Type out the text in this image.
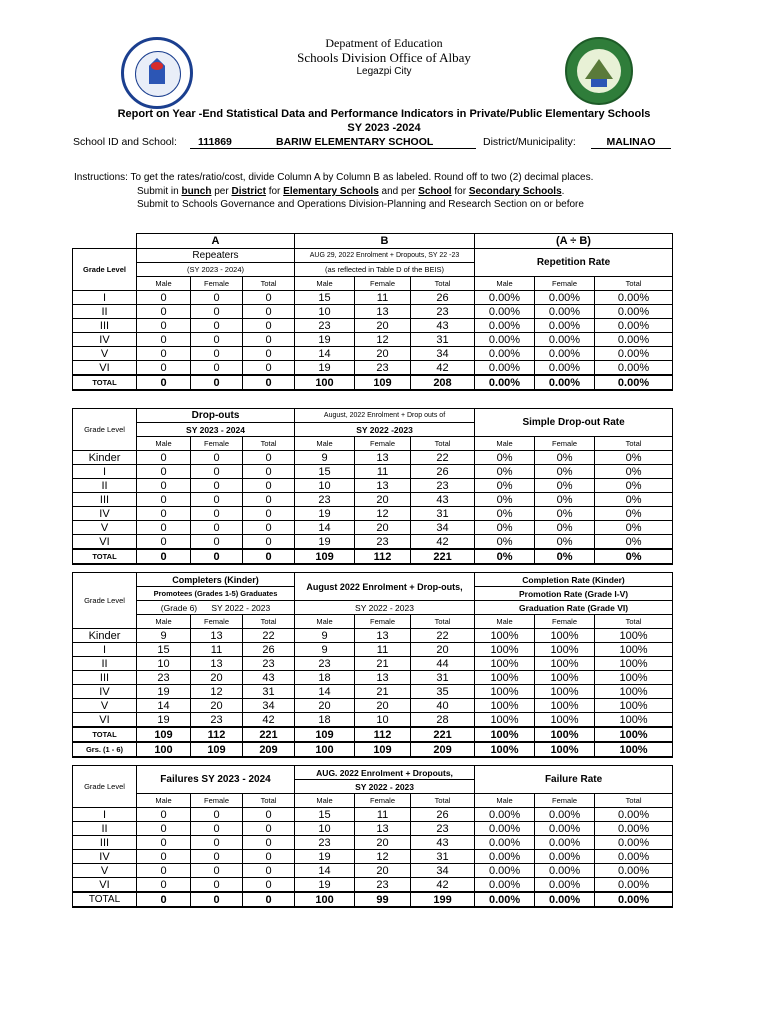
Depatment of Education
Schools Division Office of Albay
Legazpi City
Report on Year -End Statistical Data and Performance Indicators in Private/Public Elementary Schools
SY 2023 -2024
School ID and School:	111869	BARIW ELEMENTARY SCHOOL	District/Municipality:	MALINAO
Instructions: To get the rates/ratio/cost, divide Column A by Column B as labeled. Round off to two (2) decimal places.
Submit in bunch per District for Elementary Schools and per School for Secondary Schools.
Submit to Schools Governance and Operations Division-Planning and Research Section on or before
	A			B			(A ÷ B)		
Grade Level	Repeaters			AUG 29, 2022 Enrolment + Dropouts, SY 22 -23			Repetition Rate		
	(SY 2023 - 2024)			(as reflected in Table D of the BEIS)					
	Male	Female	Total	Male	Female	Total	Male	Female	Total
I	0	0	0	15	11	26	0.00%	0.00%	0.00%
II	0	0	0	10	13	23	0.00%	0.00%	0.00%
III	0	0	0	23	20	43	0.00%	0.00%	0.00%
IV	0	0	0	19	12	31	0.00%	0.00%	0.00%
V	0	0	0	14	20	34	0.00%	0.00%	0.00%
VI	0	0	0	19	23	42	0.00%	0.00%	0.00%
TOTAL	0	0	0	100	109	208	0.00%	0.00%	0.00%
Grade Level	Drop-outs			August, 2022 Enrolment + Drop outs of			Simple Drop-out Rate		
	SY 2023 - 2024			SY 2022 -2023					
	Male	Female	Total	Male	Female	Total	Male	Female	Total
Kinder	0	0	0	9	13	22	0%	0%	0%
I	0	0	0	15	11	26	0%	0%	0%
II	0	0	0	10	13	23	0%	0%	0%
III	0	0	0	23	20	43	0%	0%	0%
IV	0	0	0	19	12	31	0%	0%	0%
V	0	0	0	14	20	34	0%	0%	0%
VI	0	0	0	19	23	42	0%	0%	0%
TOTAL	0	0	0	109	112	221	0%	0%	0%
Grade Level	Completers (Kinder)			August 2022 Enrolment + Drop-outs,			Completion Rate (Kinder)		
	Promotees (Grades 1-5) Graduates						Promotion Rate (Grade I-V)		
	(Grade 6) SY 2022 - 2023			SY 2022 - 2023			Graduation Rate (Grade VI)		
	Male	Female	Total	Male	Female	Total	Male	Female	Total
Kinder	9	13	22	9	13	22	100%	100%	100%
I	15	11	26	9	11	20	100%	100%	100%
II	10	13	23	23	21	44	100%	100%	100%
III	23	20	43	18	13	31	100%	100%	100%
IV	19	12	31	14	21	35	100%	100%	100%
V	14	20	34	20	20	40	100%	100%	100%
VI	19	23	42	18	10	28	100%	100%	100%
TOTAL	109	112	221	109	112	221	100%	100%	100%
Grs. (1 - 6)	100	109	209	100	109	209	100%	100%	100%
Grade Level	Failures SY 2023 - 2024			AUG. 2022 Enrolment + Dropouts,			Failure Rate		
				SY 2022 - 2023					
	Male	Female	Total	Male	Female	Total	Male	Female	Total
I	0	0	0	15	11	26	0.00%	0.00%	0.00%
II	0	0	0	10	13	23	0.00%	0.00%	0.00%
III	0	0	0	23	20	43	0.00%	0.00%	0.00%
IV	0	0	0	19	12	31	0.00%	0.00%	0.00%
V	0	0	0	14	20	34	0.00%	0.00%	0.00%
VI	0	0	0	19	23	42	0.00%	0.00%	0.00%
TOTAL	0	0	0	100	99	199	0.00%	0.00%	0.00%
